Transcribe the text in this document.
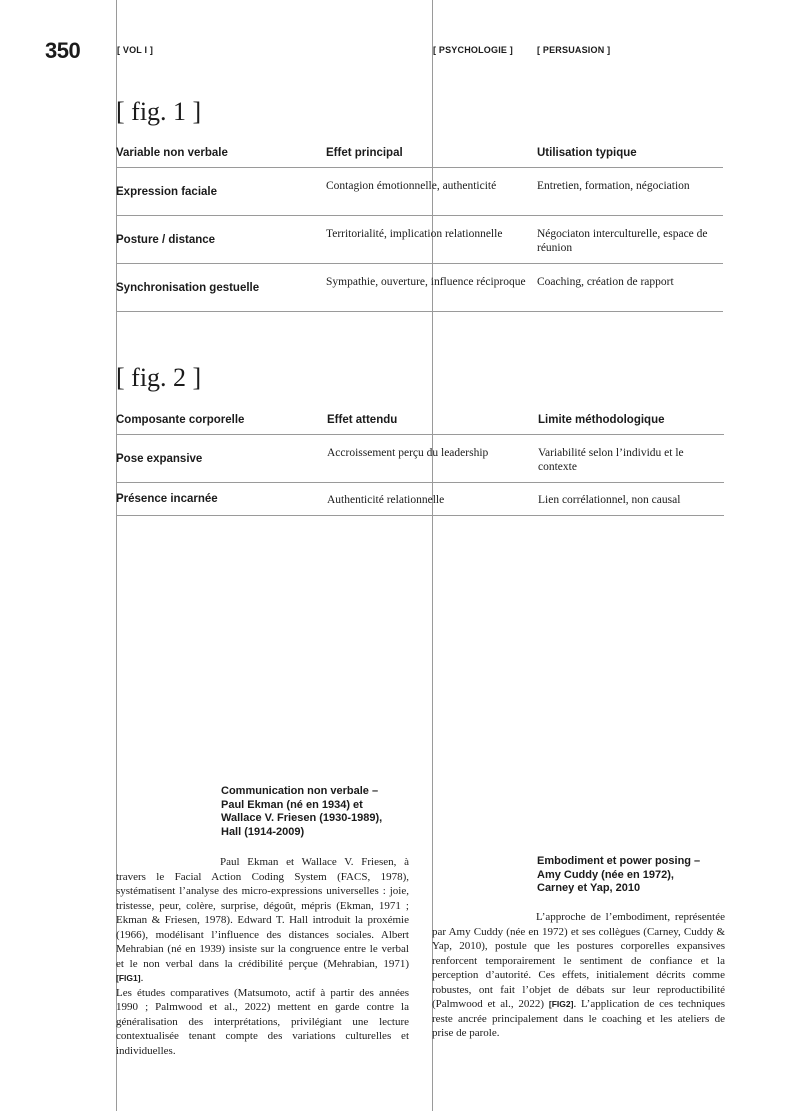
350	[ VOL I ]	[ PSYCHOLOGIE ]	[ PERSUASION ]
[ fig. 1 ]
Variable non verbale	Effet principal	Utilisation typique
Expression faciale	Contagion émotionnelle, authenticité	Entretien, formation, négociation
Posture / distance	Territorialité, implication relationnelle	Négociaton interculturelle, espace de réunion
Synchronisation gestuelle	Sympathie, ouverture, influence réciproque	Coaching, création de rapport
[ fig. 2 ]
Composante corporelle	Effet attendu	Limite méthodologique
Pose expansive	Accroissement perçu du leadership	Variabilité selon l’individu et le contexte
Présence incarnée	Authenticité relationnelle	Lien corrélationnel, non causal
Communication non verbale – Paul Ekman (né en 1934) et Wallace V. Friesen (1930-1989), Hall (1914-2009)

Paul Ekman et Wallace V. Friesen, à travers le Facial Action Coding System (FACS, 1978), systématisent l’analyse des micro-expressions universelles : joie, tristesse, peur, colère, surprise, dégoût, mépris (Ekman, 1971 ; Ekman & Friesen, 1978). Edward T. Hall introduit la proxémie (1966), modélisant l’influence des distances sociales. Albert Mehrabian (né en 1939) insiste sur la congruence entre le verbal et le non verbal dans la crédibilité perçue (Mehrabian, 1971) [FIG1].

Les études comparatives (Matsumoto, actif à partir des années 1990 ; Palmwood et al., 2022) mettent en garde contre la généralisation des interprétations, privilégiant une lecture contextualisée tenant compte des variations culturelles et individuelles.

Embodiment et power posing – Amy Cuddy (née en 1972), Carney et Yap, 2010

L’approche de l’embodiment, représentée par Amy Cuddy (née en 1972) et ses collègues (Carney, Cuddy & Yap, 2010), postule que les postures corporelles expansives renforcent temporairement le sentiment de confiance et la perception d’autorité. Ces effets, initialement décrits comme robustes, ont fait l’objet de débats sur leur reproductibilité (Palmwood et al., 2022) [FIG2]. L’application de ces techniques reste ancrée principalement dans le coaching et les ateliers de prise de parole.
